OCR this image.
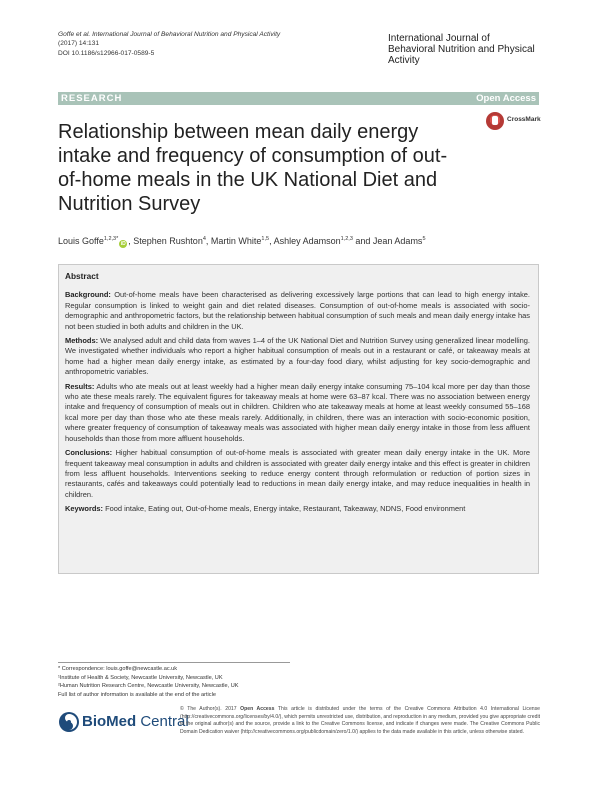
Goffe et al. International Journal of Behavioral Nutrition and Physical Activity
(2017) 14:131
DOI 10.1186/s12966-017-0589-5
International Journal of Behavioral Nutrition and Physical Activity
RESEARCH	Open Access
Relationship between mean daily energy intake and frequency of consumption of out-of-home meals in the UK National Diet and Nutrition Survey
CrossMark
Louis Goffe$^{1,2,3*}$iD , Stephen Rushton$^4$, Martin White$^{1,5}$, Ashley Adamson$^{1,2,3}$ and Jean Adams$^5$
Abstract

Background: Out-of-home meals have been characterised as delivering excessively large portions that can lead to high energy intake. Regular consumption is linked to weight gain and diet related diseases. Consumption of out-of-home meals is associated with socio-demographic and anthropometric factors, but the relationship between habitual consumption of such meals and mean daily energy intake has not been studied in both adults and children in the UK.

Methods: We analysed adult and child data from waves 1–4 of the UK National Diet and Nutrition Survey using generalized linear modelling. We investigated whether individuals who report a higher habitual consumption of meals out in a restaurant or café, or takeaway meals at home had a higher mean daily energy intake, as estimated by a four-day food diary, whilst adjusting for key socio-demographic and anthropometric variables.

Results: Adults who ate meals out at least weekly had a higher mean daily energy intake consuming 75–104 kcal more per day than those who ate these meals rarely. The equivalent figures for takeaway meals at home were 63–87 kcal. There was no association between energy intake and frequency of consumption of meals out in children. Children who ate takeaway meals at home at least weekly consumed 55–168 kcal more per day than those who ate these meals rarely. Additionally, in children, there was an interaction with socio-economic position, where greater frequency of consumption of takeaway meals was associated with higher mean daily energy intake in those from less affluent households than those from more affluent households.

Conclusions: Higher habitual consumption of out-of-home meals is associated with greater mean daily energy intake in the UK. More frequent takeaway meal consumption in adults and children is associated with greater daily energy intake and this effect is greater in children from less affluent households. Interventions seeking to reduce energy content through reformulation or reduction of portion sizes in restaurants, cafés and takeaways could potentially lead to reductions in mean daily energy intake, and may reduce inequalities in health in children.

Keywords: Food intake, Eating out, Out-of-home meals, Energy intake, Restaurant, Takeaway, NDNS, Food environment

* Correspondence: louis.goffe@newcastle.ac.uk
¹Institute of Health & Society, Newcastle University, Newcastle, UK
²Human Nutrition Research Centre, Newcastle University, Newcastle, UK
Full list of author information is available at the end of the article
BioMed Central
© The Author(s). 2017 Open Access This article is distributed under the terms of the Creative Commons Attribution 4.0 International License (http://creativecommons.org/licenses/by/4.0/), which permits unrestricted use, distribution, and reproduction in any medium, provided you give appropriate credit to the original author(s) and the source, provide a link to the Creative Commons license, and indicate if changes were made. The Creative Commons Public Domain Dedication waiver (http://creativecommons.org/publicdomain/zero/1.0/) applies to the data made available in this article, unless otherwise stated.
